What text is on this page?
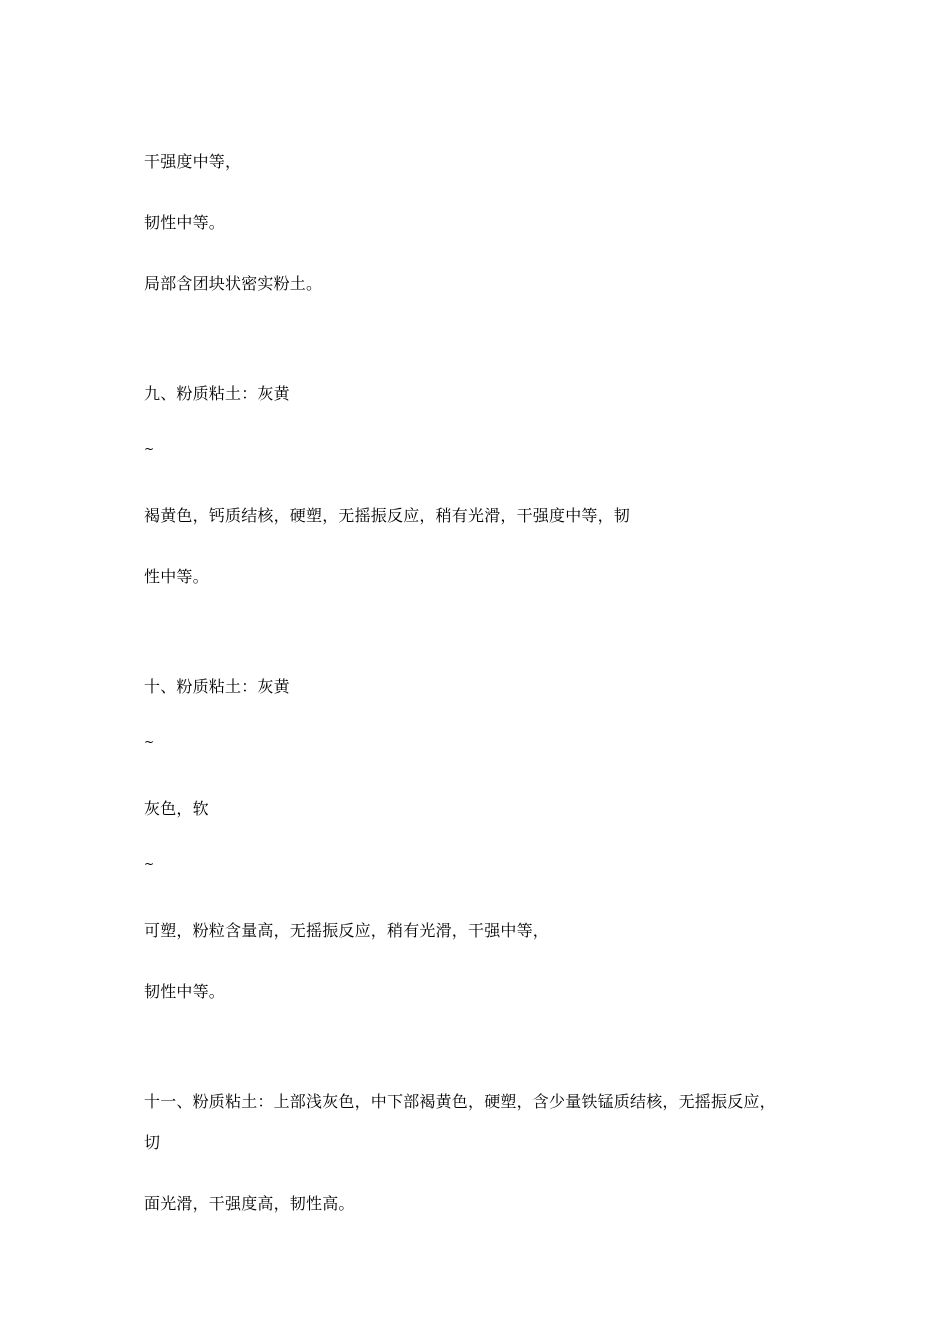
干强度中等，

韧性中等。

局部含团块状密实粉土。

九、粉质粘土：灰黄

~

褐黄色，钙质结核，硬塑，无摇振反应，稍有光滑，干强度中等，韧

性中等。

十、粉质粘土：灰黄

~

灰色，软

~

可塑，粉粒含量高，无摇振反应，稍有光滑，干强中等，

韧性中等。

十一、粉质粘土：上部浅灰色，中下部褐黄色，硬塑，含少量铁锰质结核，无摇振反应，

切

面光滑，干强度高，韧性高。
